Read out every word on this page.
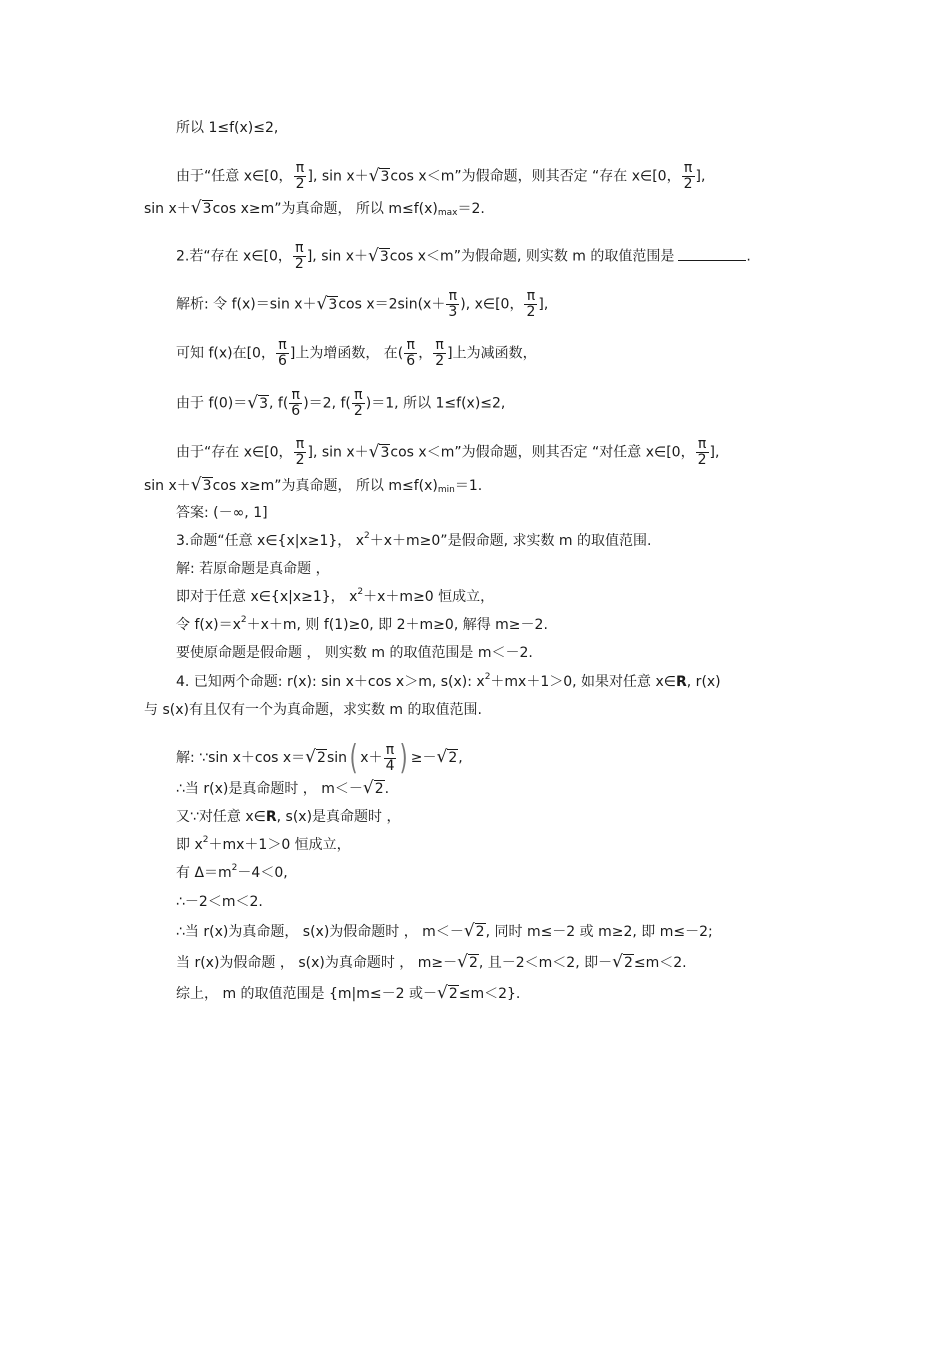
所以 1≤f(x)≤2,
由于“任意 x∈[0， $\frac{\pi}{2}$ ], sin x＋√3cos x＜m”为假命题，则其否定 “存在 x∈[0， $\frac{\pi}{2}$ ],
sin x＋√3cos x≥m”为真命题， 所以 $m\le f(x)_{max}=2$.
2.若“存在 x∈[0， $\frac{\pi}{2}$ ], sin x＋√3cos x＜m”为假命题, 则实数 m 的取值范围是	.
解析: 令 f(x)＝sin x＋√3cos $x=2\sin(x+ \frac{\pi}{3}$ ), x∈[0， $\frac{\pi}{2}$ ],
可知 f(x)在[0， $\frac{\pi}{6}$ ]上为增函数， 在( $\frac{\pi}{6}$ ， $\frac{\pi}{2}$ ]上为减函数，
由于 f(0)＝√3, $f( \frac{\pi}{6} )=2$, $f( \frac{\pi}{2} )=1$, 所以 1≤f(x)≤2,
由于“存在 x∈[0， $\frac{\pi}{2}$ ], sin x＋√3cos x＜m”为假命题，则其否定 “对任意 x∈[0， $\frac{\pi}{2}$ ],
sin x＋√3cos x≥m”为真命题， 所以 $m\le f(x)_{min}=1$.
答案: (－∞, 1]
3.命题“任意 x∈{x|x≥1}， $x^2+x+m\ge 0$”是假命题, 求实数 m 的取值范围.
解: 若原命题是真命题 ，
即对于任意 x∈{x|x≥1}， $x^2+x+m\ge 0$ 恒成立，
令 $f(x)=x^2+x+m$, 则 f(1)≥0, 即 2＋m≥0, 解得 m≥－2.
要使原命题是假命题 ， 则实数 m 的取值范围是 m＜－2.
4. 已知两个命题: r(x): sin x＋cos x＞m, s(x): $x^2+mx+1>0$, 如果对任意 x∈R, r(x)
与 s(x)有且仅有一个为真命题，求实数 m 的取值范围.
解: ∵sin x＋cos x＝√2sin( $x+ \frac{\pi}{4}$ ) ≥－√2,
∴当 r(x)是真命题时 ， m＜－√2.
又∵对任意 x∈R, s(x)是真命题时 ，
即 $x^2+mx+1>0$ 恒成立，
有 $\Delta=m^2-4<0$,
∴－2＜m＜2.
∴当 r(x)为真命题， s(x)为假命题时 ， m＜－√2, 同时 m≤－2 或 m≥2, 即 m≤－2;
当 r(x)为假命题 ， s(x)为真命题时 ， m≥－√2, 且－2＜m＜2, 即－√2≤m＜2.
综上， m 的取值范围是 {m|m≤－2 或－√2≤m＜2}.
